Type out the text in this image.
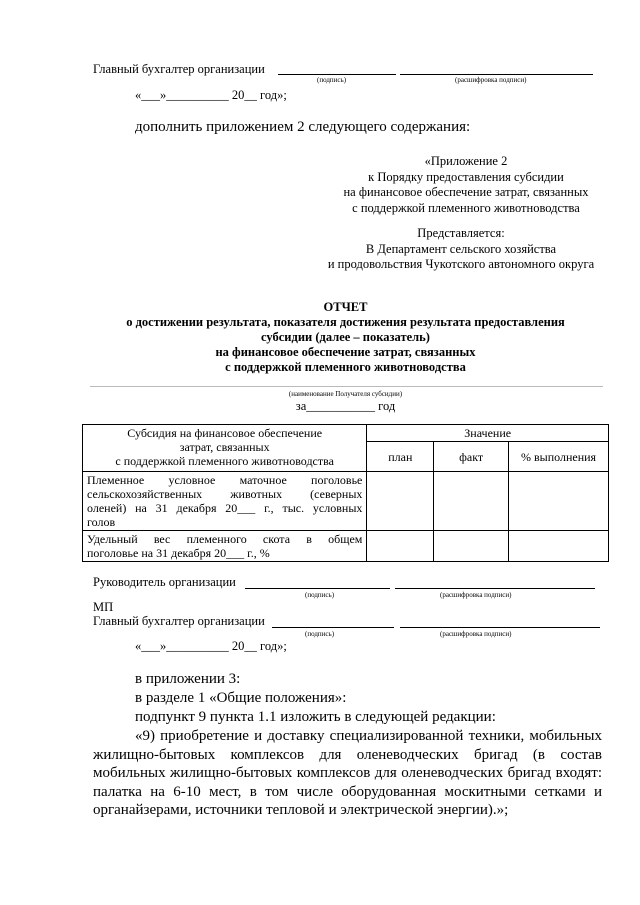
Главный бухгалтер организации
(подпись)	(расшифровка подписи)
«___»__________ 20__ год»;
дополнить приложением 2 следующего содержания:
«Приложение 2
к Порядку предоставления субсидии
на финансовое обеспечение затрат, связанных
с поддержкой племенного животноводства
Представляется:
В Департамент сельского хозяйства
и продовольствия Чукотского автономного округа
ОТЧЕТ
о достижении результата, показателя достижения результата предоставления
субсидии (далее – показатель)
на финансовое обеспечение затрат, связанных
с поддержкой племенного животноводства
(наименование Получателя субсидии)
за___________ год
Субсидия на финансовое обеспечение
затрат, связанных
с поддержкой племенного животноводства	Значение		
	план	факт	% выполнения

Племенное условное маточное поголовье
сельскохозяйственных животных (северных
оленей) на 31 декабря 20___ г., тыс. условных
голов			

Удельный вес племенного скота в общем
поголовье на 31 декабря 20___ г., %			
Руководитель организации
(подпись)	(расшифровка подписи)
МП
Главный бухгалтер организации
(подпись)	(расшифровка подписи)
«___»__________ 20__ год»;
в приложении 3:
в разделе 1 «Общие положения»:
подпункт 9 пункта 1.1 изложить в следующей редакции:
«9) приобретение и доставку специализированной техники, мобильных
жилищно-бытовых комплексов для оленеводческих бригад (в состав
мобильных жилищно-бытовых комплексов для оленеводческих бригад входят:
палатка на 6-10 мест, в том числе оборудованная москитными сетками и
органайзерами, источники тепловой и электрической энергии).»;
